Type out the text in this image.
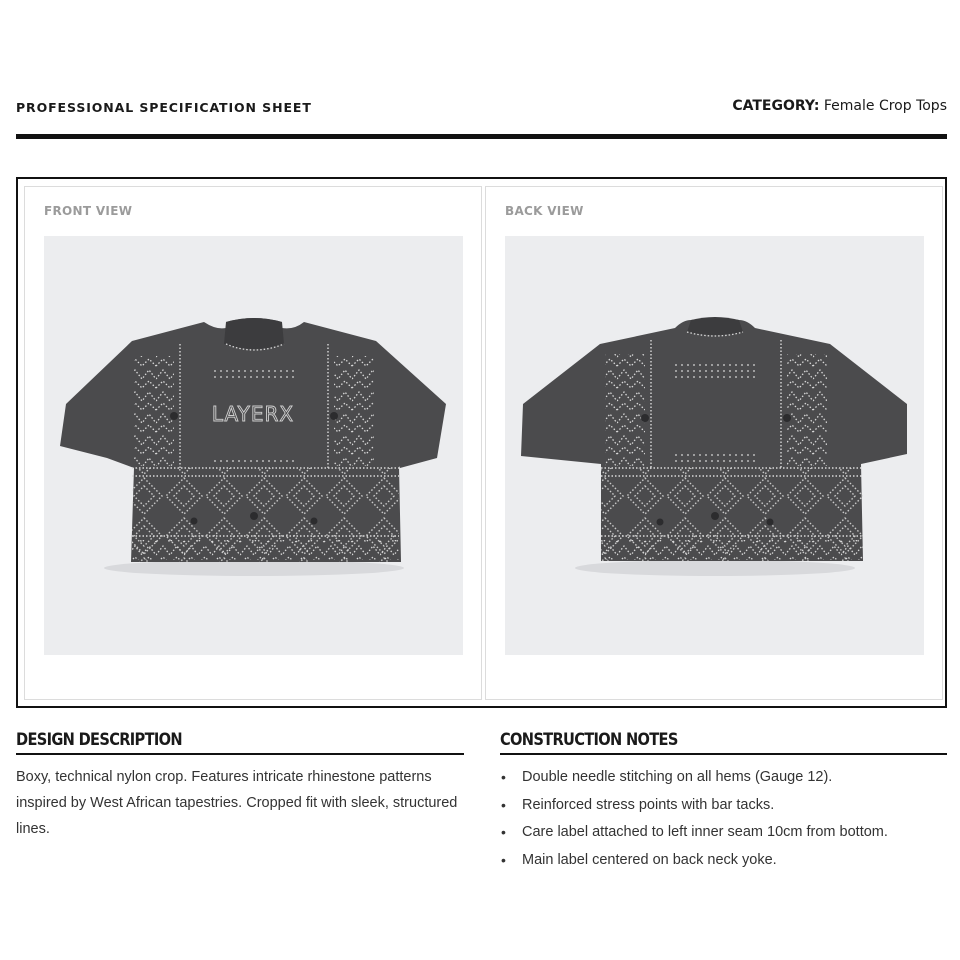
PROFESSIONAL SPECIFICATION SHEET	CATEGORY: Female Crop Tops
FRONT VIEW
LAYERX
BACK VIEW
DESIGN DESCRIPTION

Boxy, technical nylon crop. Features intricate rhinestone patterns inspired by West African tapestries. Cropped fit with sleek, structured lines.

CONSTRUCTION NOTES
• Double needle stitching on all hems (Gauge 12).
• Reinforced stress points with bar tacks.
• Care label attached to left inner seam 10cm from bottom.
• Main label centered on back neck yoke.
